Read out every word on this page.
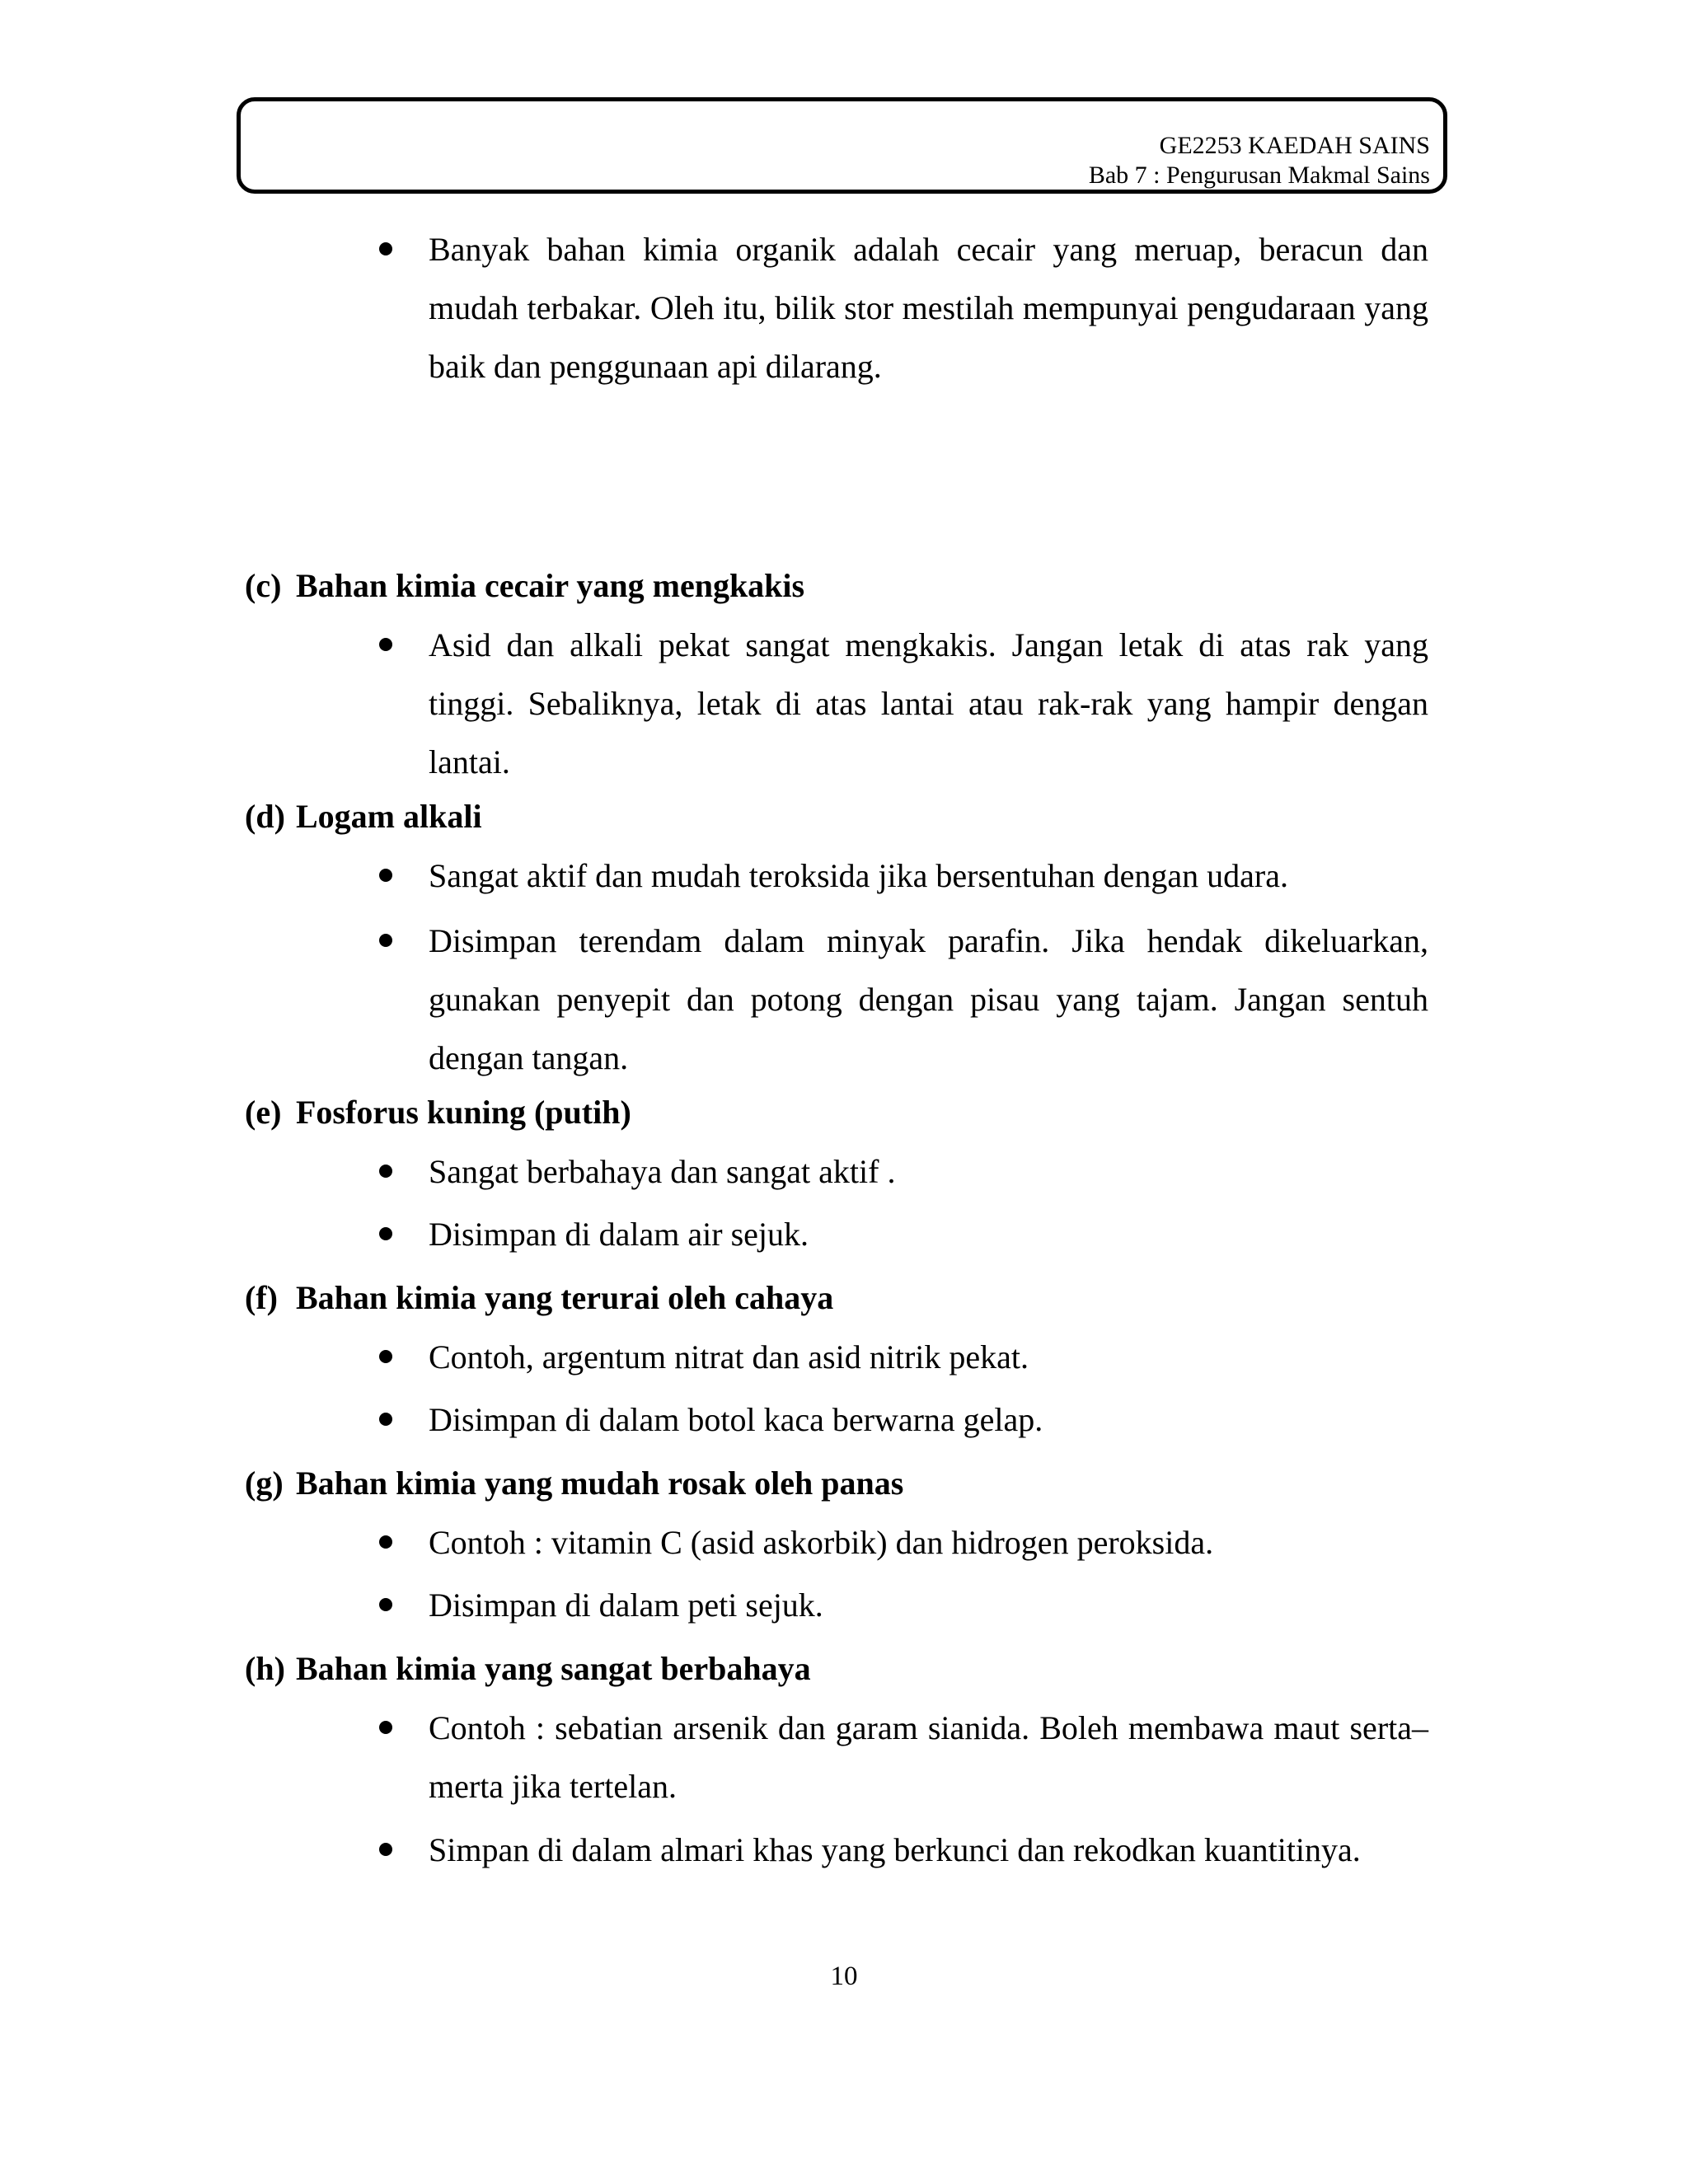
GE2253 KAEDAH SAINS
Bab 7 : Pengurusan Makmal Sains
Banyak bahan kimia organik adalah cecair yang meruap, beracun dan mudah terbakar. Oleh itu, bilik stor mestilah mempunyai pengudaraan yang baik dan penggunaan api dilarang.
(c) Bahan kimia cecair yang mengkakis
Asid dan alkali pekat sangat mengkakis. Jangan letak di atas rak yang tinggi. Sebaliknya, letak di atas lantai atau rak-rak yang hampir dengan lantai.
(d) Logam alkali
Sangat aktif dan mudah teroksida jika bersentuhan dengan udara.
Disimpan terendam dalam minyak parafin. Jika hendak dikeluarkan, gunakan penyepit dan potong dengan pisau yang tajam. Jangan sentuh dengan tangan.
(e) Fosforus kuning (putih)
Sangat berbahaya dan sangat aktif .
Disimpan di dalam air sejuk.
(f) Bahan kimia yang terurai oleh cahaya
Contoh, argentum nitrat dan asid nitrik pekat.
Disimpan di dalam botol kaca berwarna gelap.
(g) Bahan kimia yang mudah rosak oleh panas
Contoh : vitamin C (asid askorbik) dan hidrogen peroksida.
Disimpan di dalam peti sejuk.
(h) Bahan kimia yang sangat berbahaya
Contoh : sebatian arsenik dan garam sianida. Boleh membawa maut serta– merta jika tertelan.
Simpan di dalam almari khas yang berkunci dan rekodkan kuantitinya.
10
